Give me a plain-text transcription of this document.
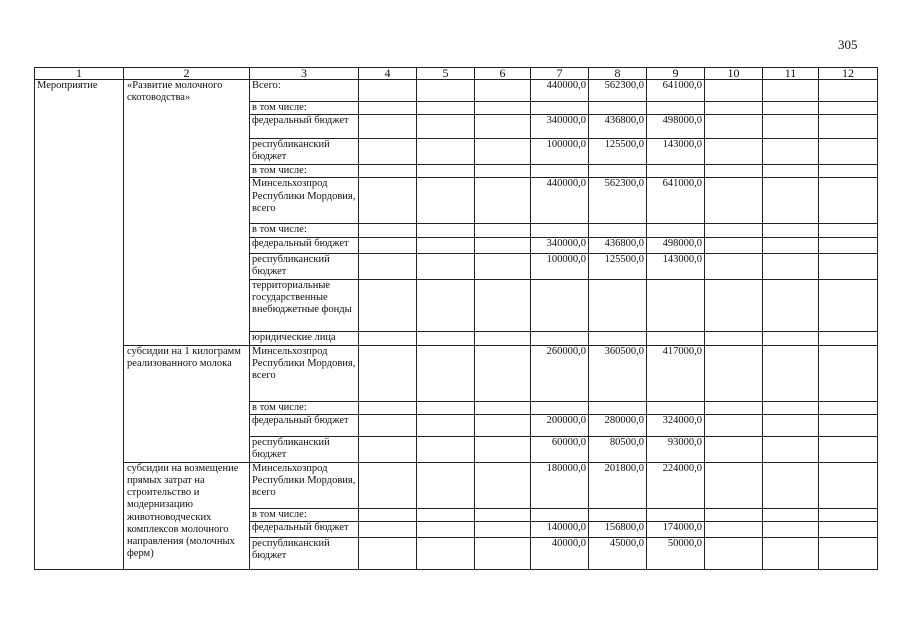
305
1	2	3	4	5	6	7	8	9	10	11	12
Мероприятие	«Развитие молочного скотоводства»	Всего:				440000,0	562300,0	641000,0			
		в том числе:									
		федеральный бюджет				340000,0	436800,0	498000,0			
		республиканский бюджет				100000,0	125500,0	143000,0			
		в том числе:									
		Минсельхозпрод Республики Мордовия, всего				440000,0	562300,0	641000,0			
		в том числе:									
		федеральный бюджет				340000,0	436800,0	498000,0			
		республиканский бюджет				100000,0	125500,0	143000,0			
		территориальные государственные внебюджетные фонды									
		юридические лица									
	субсидии на 1 килограмм реализованного молока	Минсельхозпрод Республики Мордовия, всего				260000,0	360500,0	417000,0			
		в том числе:									
		федеральный бюджет				200000,0	280000,0	324000,0			
		республиканский бюджет				60000,0	80500,0	93000,0			
	субсидии на возмещение прямых затрат на строительство и модернизацию животноводческих комплексов молочного направления (молочных ферм)	Минсельхозпрод Республики Мордовия, всего				180000,0	201800,0	224000,0			
		в том числе:									
		федеральный бюджет				140000,0	156800,0	174000,0			
		республиканский бюджет				40000,0	45000,0	50000,0			
